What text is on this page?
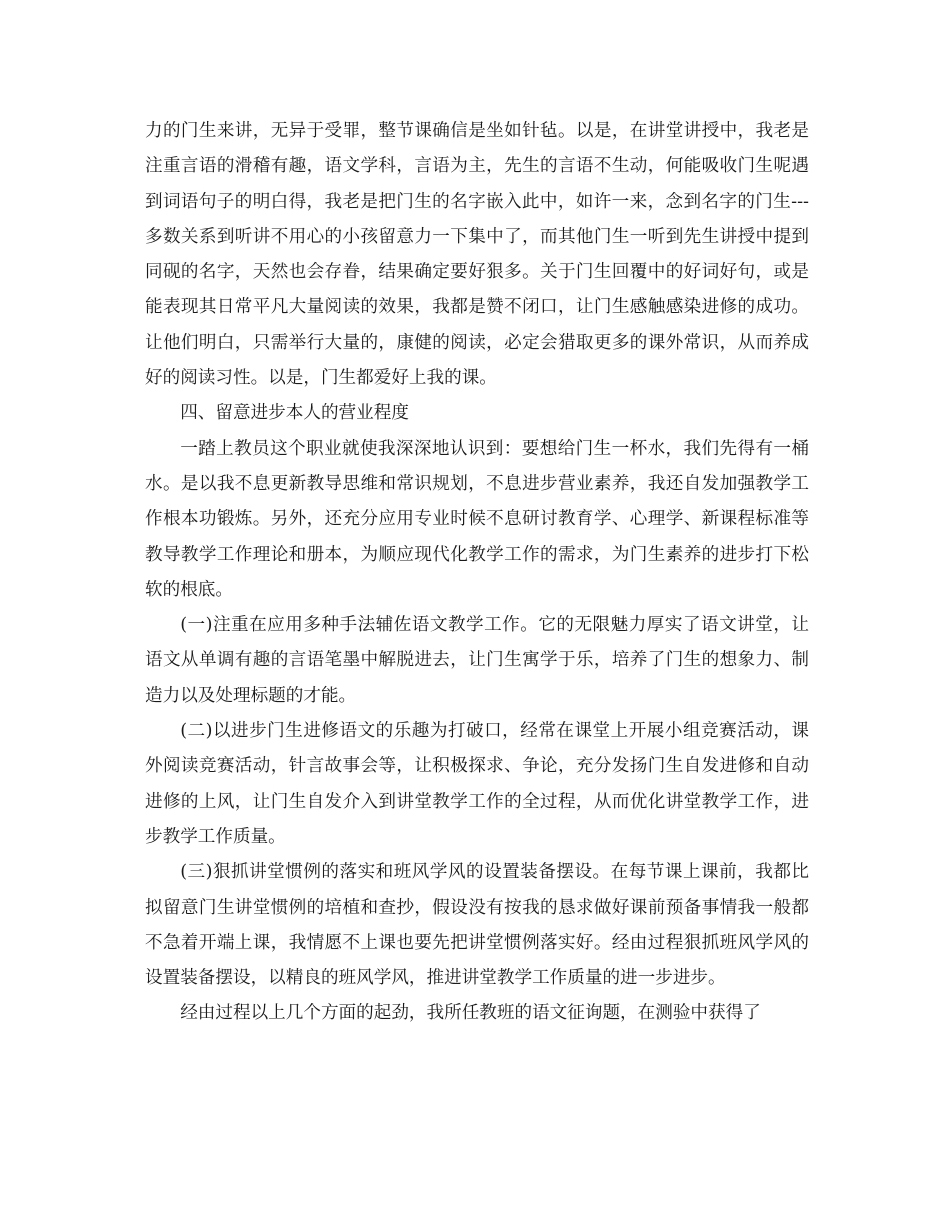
力的门生来讲，无异于受罪，整节课确信是坐如针毡。以是，在讲堂讲授中，我老是注重言语的滑稽有趣，语文学科，言语为主，先生的言语不生动，何能吸收门生呢遇到词语句子的明白得，我老是把门生的名字嵌入此中，如许一来，念到名字的门生---多数关系到听讲不用心的小孩留意力一下集中了，而其他门生一听到先生讲授中提到同砚的名字，天然也会存眷，结果确定要好狠多。关于门生回覆中的好词好句，或是能表现其日常平凡大量阅读的效果，我都是赞不闭口，让门生感触感染进修的成功。让他们明白，只需举行大量的，康健的阅读，必定会猎取更多的课外常识，从而养成好的阅读习性。以是，门生都爱好上我的课。

四、留意进步本人的营业程度

一踏上教员这个职业就使我深深地认识到：要想给门生一杯水，我们先得有一桶水。是以我不息更新教导思维和常识规划，不息进步营业素养，我还自发加强教学工作根本功锻炼。另外，还充分应用专业时候不息研讨教育学、心理学、新课程标准等教导教学工作理论和册本，为顺应现代化教学工作的需求，为门生素养的进步打下松软的根底。

(一)注重在应用多种手法辅佐语文教学工作。它的无限魅力厚实了语文讲堂，让语文从单调有趣的言语笔墨中解脱进去，让门生寓学于乐，培养了门生的想象力、制造力以及处理标题的才能。

(二)以进步门生进修语文的乐趣为打破口，经常在课堂上开展小组竞赛活动，课外阅读竞赛活动，针言故事会等，让积极探求、争论，充分发扬门生自发进修和自动进修的上风，让门生自发介入到讲堂教学工作的全过程，从而优化讲堂教学工作，进步教学工作质量。

(三)狠抓讲堂惯例的落实和班风学风的设置装备摆设。在每节课上课前，我都比拟留意门生讲堂惯例的培植和查抄，假设没有按我的恳求做好课前预备事情我一般都不急着开端上课，我情愿不上课也要先把讲堂惯例落实好。经由过程狠抓班风学风的设置装备摆设，以精良的班风学风，推进讲堂教学工作质量的进一步进步。

经由过程以上几个方面的起劲，我所任教班的语文征询题，在测验中获得了
